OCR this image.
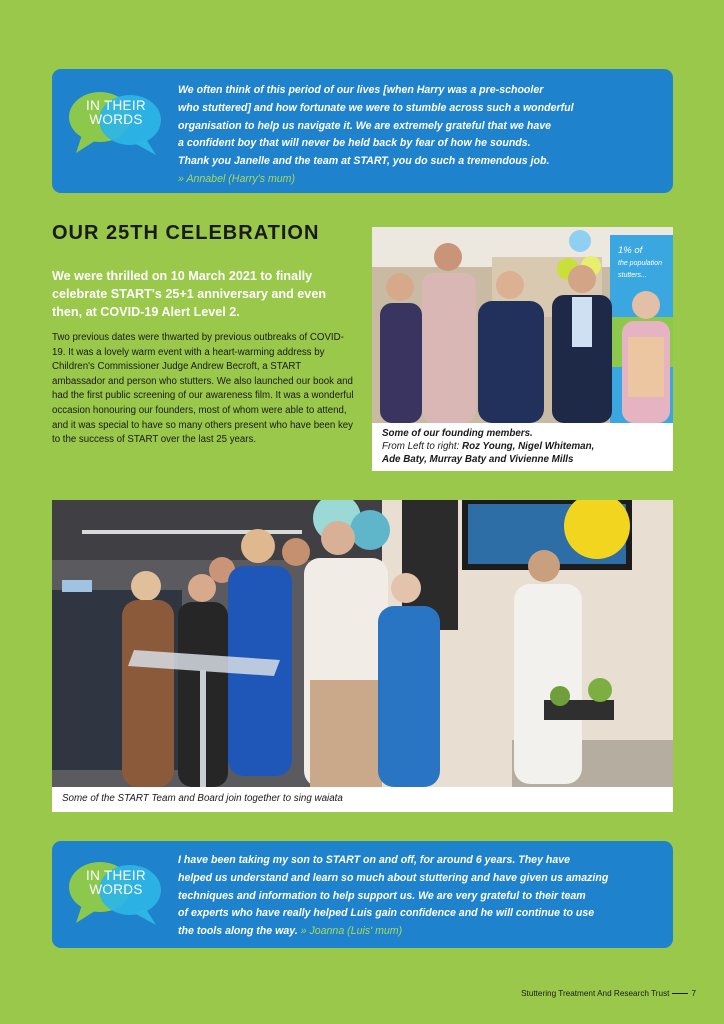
IN THEIR
WORDS
We often think of this period of our lives [when Harry was a pre-schooler
who stuttered] and how fortunate we were to stumble across such a wonderful
organisation to help us navigate it. We are extremely grateful that we have
a confident boy that will never be held back by fear of how he sounds.
Thank you Janelle and the team at START, you do such a tremendous job.
» Annabel (Harry's mum)
OUR 25TH CELEBRATION

We were thrilled on 10 March 2021 to finally celebrate START's 25+1 anniversary and even then, at COVID-19 Alert Level 2.

Two previous dates were thwarted by previous outbreaks of COVID-19. It was a lovely warm event with a heart-warming address by Children's Commissioner Judge Andrew Becroft, a START ambassador and person who stutters. We also launched our book and had the first public screening of our awareness film. It was a wonderful occasion honouring our founders, most of whom were able to attend, and it was special to have so many others present who have been key to the success of START over the last 25 years.

1% of
the population
stutters...
Some of our founding members.
From Left to right: Roz Young, Nigel Whiteman,
Ade Baty, Murray Baty and Vivienne Mills
Some of the START Team and Board join together to sing waiata
IN THEIR
WORDS
I have been taking my son to START on and off, for around 6 years. They have
helped us understand and learn so much about stuttering and have given us amazing
techniques and information to help support us. We are very grateful to their team
of experts who have really helped Luis gain confidence and he will continue to use
the tools along the way. » Joanna (Luis' mum)
Stuttering Treatment And Research Trust	7
